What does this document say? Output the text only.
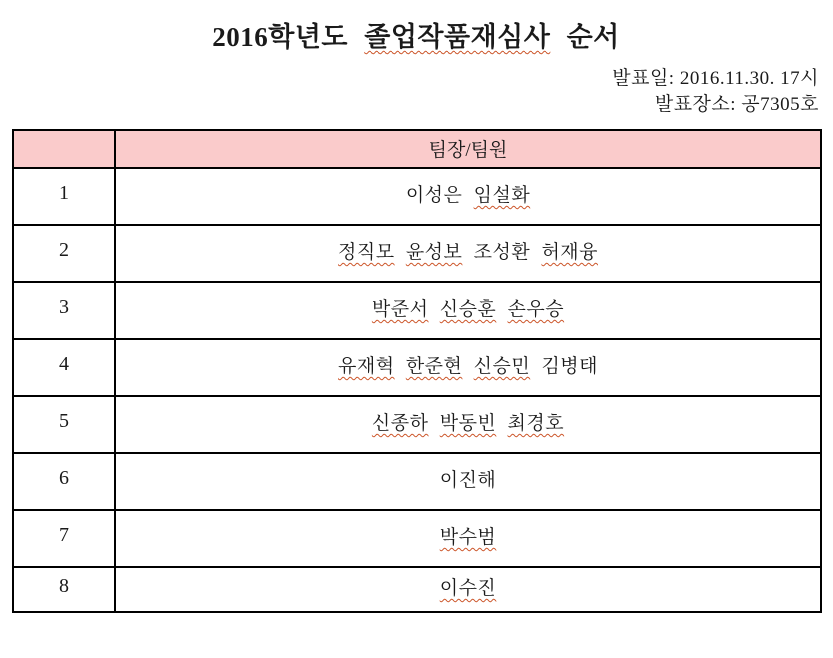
2016학년도 졸업작품재심사 순서
발표일: 2016.11.30. 17시
발표장소: 공7305호
	팀장/팀원
1	이성은 임설화
2	정직모 윤성보 조성환 허재융
3	박준서 신승훈 손우승
4	유재혁 한준현 신승민 김병태
5	신종하 박동빈 최경호
6	이진해
7	박수범
8	이수진
